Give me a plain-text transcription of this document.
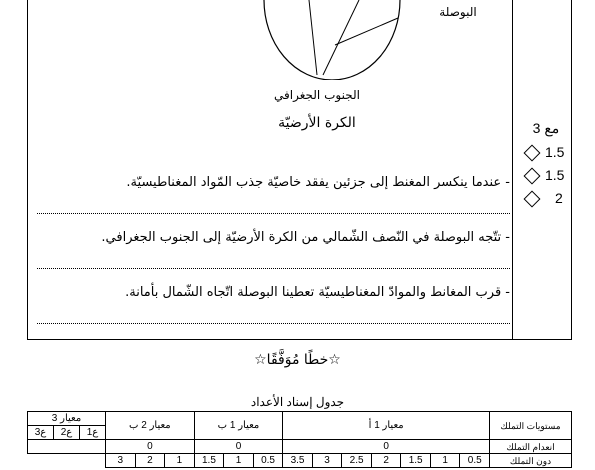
البوصلة
الجنوب الجغرافي
الكرة الأرضيّة
- عندما ينكسر المغنط إلى جزئين يفقد خاصيّة جذب المّواد المغناطيسيّة.
- تتّجه البوصلة في النّصف الشّمالي من الكرة الأرضيّة إلى الجنوب الجغرافي.
- قرب المغانط والموادّ المغناطيسيّة تعطينا البوصلة اتّجاه الشّمال بأمانة.
مع 3
1.5
1.5
2
☆خطًا مُوَفَّقًا☆
جدول إسناد الأعداد
مستويات التملك	معيار 1 أ							معيار 1 ب			معيار 2 ب			معيار 3		
														ع1	ع2	ع3
انعدام التملك	0							0			0					
دون التملك	0.5	1	1.5	2	2.5	3	3.5	0.5	1	1.5	1	2	3			
